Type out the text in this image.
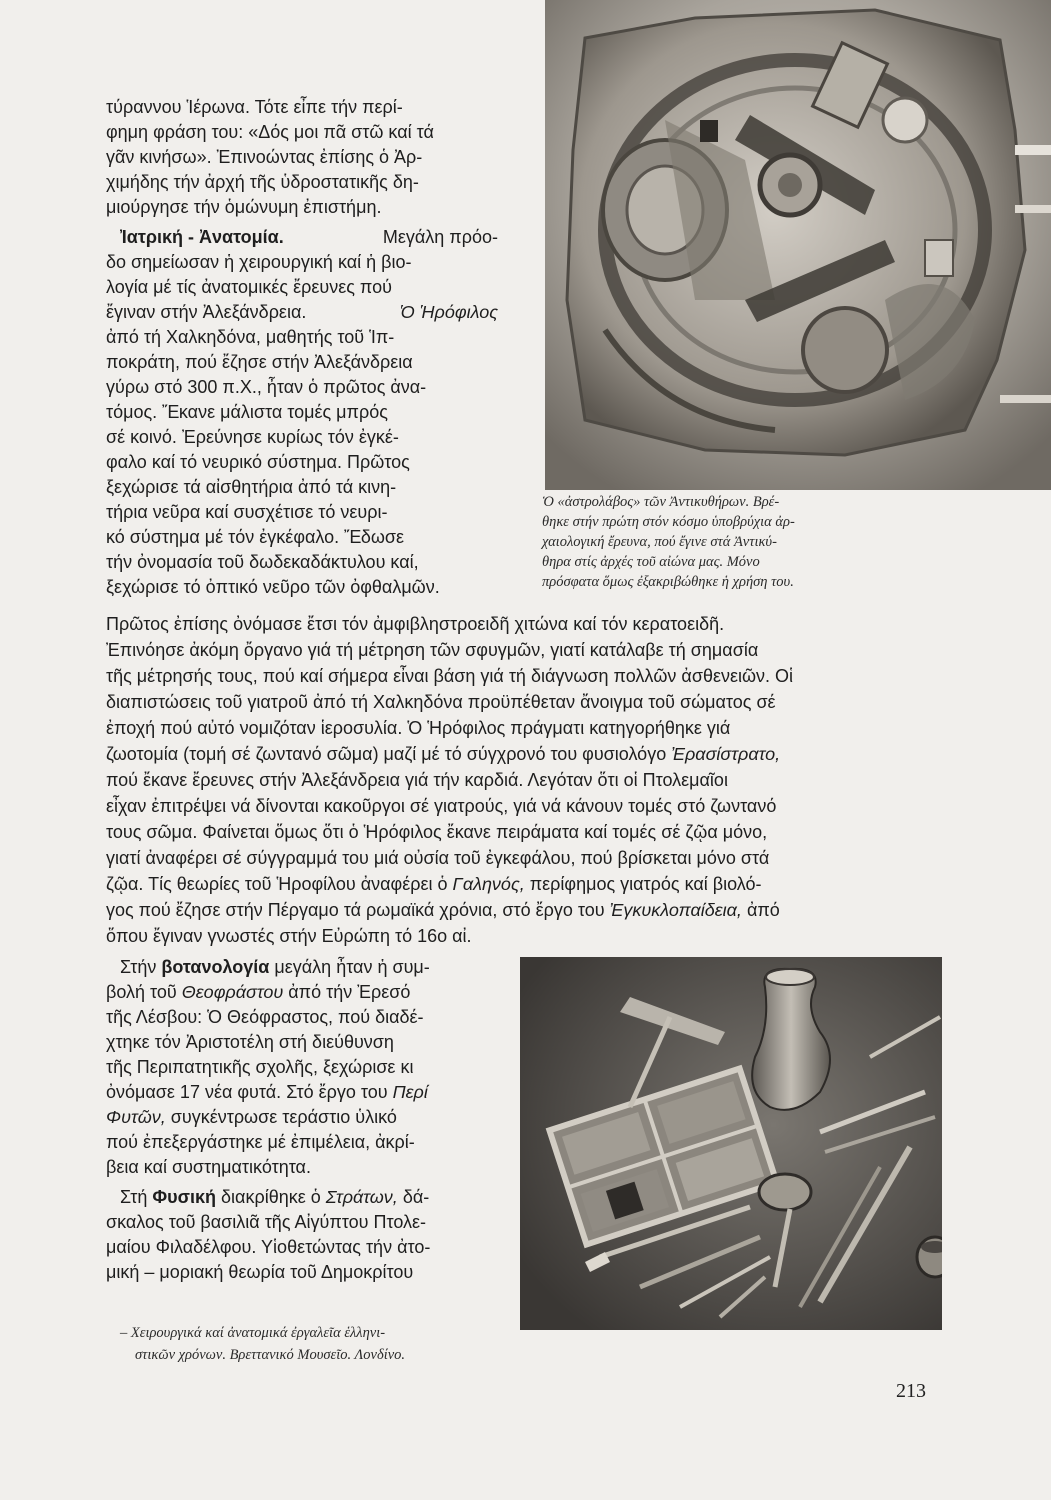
τύραννου Ἱέρωνα. Τότε εἶπε τήν περί-
φημη φράση του: «Δός μοι πᾶ στῶ καί τά
γᾶν κινήσω». Ἐπινοώντας ἐπίσης ὁ Ἀρ-
χιμήδης τήν ἀρχή τῆς ὑδροστατικῆς δη-
μιούργησε τήν ὁμώνυμη ἐπιστήμη.
Ἰατρική - Ἀνατομία.	Μεγάλη πρόο-
δο σημείωσαν ἡ χειρουργική καί ἡ βιο-
λογία μέ τίς ἀνατομικές ἔρευνες πού
ἔγιναν στήν Ἀλεξάνδρεια.	Ὁ Ἡρόφιλος
ἀπό τή Χαλκηδόνα, μαθητής τοῦ Ἱπ-
ποκράτη, πού ἔζησε στήν Ἀλεξάνδρεια
γύρω στό 300 π.Χ., ἦταν ὁ πρῶτος ἀνα-
τόμος. Ἔκανε μάλιστα τομές μπρός
σέ κοινό. Ἐρεύνησε κυρίως τόν ἐγκέ-
φαλο καί τό νευρικό σύστημα. Πρῶτος
ξεχώρισε τά αἰσθητήρια ἀπό τά κινη-
τήρια νεῦρα καί συσχέτισε τό νευρι-
κό σύστημα μέ τόν ἐγκέφαλο. Ἔδωσε
τήν ὀνομασία τοῦ δωδεκαδάκτυλου καί,
ξεχώρισε τό ὀπτικό νεῦρο τῶν ὀφθαλμῶν.
Ὁ «ἀστρολάβος» τῶν Ἀντικυθήρων. Βρέ-
θηκε στήν πρώτη στόν κόσμο ὑποβρύχια ἀρ-
χαιολογική ἔρευνα, πού ἔγινε στά Ἀντικύ-
θηρα στίς ἀρχές τοῦ αἰώνα μας. Μόνο
πρόσφατα ὅμως ἐξακριβώθηκε ἡ χρήση του.
Πρῶτος ἐπίσης ὀνόμασε ἔτσι τόν ἀμφιβληστροειδῆ χιτώνα καί τόν κερατοειδῆ.
Ἐπινόησε ἀκόμη ὄργανο γιά τή μέτρηση τῶν σφυγμῶν, γιατί κατάλαβε τή σημασία
τῆς μέτρησής τους, πού καί σήμερα εἶναι βάση γιά τή διάγνωση πολλῶν ἀσθενειῶν. Οἱ
διαπιστώσεις τοῦ γιατροῦ ἀπό τή Χαλκηδόνα προϋπέθεταν ἄνοιγμα τοῦ σώματος σέ
ἐποχή πού αὐτό νομιζόταν ἱεροσυλία. Ὁ Ἡρόφιλος πράγματι κατηγορήθηκε γιά
ζωοτομία (τομή σέ ζωντανό σῶμα) μαζί μέ τό σύγχρονό του φυσιολόγο Ἐρασίστρατο,
πού ἔκανε ἔρευνες στήν Ἀλεξάνδρεια γιά τήν καρδιά. Λεγόταν ὅτι οἱ Πτολεμαῖοι
εἶχαν ἐπιτρέψει νά δίνονται κακοῦργοι σέ γιατρούς, γιά νά κάνουν τομές στό ζωντανό
τους σῶμα. Φαίνεται ὅμως ὅτι ὁ Ἡρόφιλος ἔκανε πειράματα καί τομές σέ ζῷα μόνο,
γιατί ἀναφέρει σέ σύγγραμμά του μιά οὐσία τοῦ ἐγκεφάλου, πού βρίσκεται μόνο στά
ζῷα. Τίς θεωρίες τοῦ Ἡροφίλου ἀναφέρει ὁ Γαληνός, περίφημος γιατρός καί βιολό-
γος πού ἔζησε στήν Πέργαμο τά ρωμαϊκά χρόνια, στό ἔργο του Ἐγκυκλοπαίδεια, ἀπό
ὅπου ἔγιναν γνωστές στήν Εὐρώπη τό 16ο αἰ.
Στήν βοτανολογία μεγάλη ἦταν ἡ συμ-
βολή τοῦ Θεοφράστου ἀπό τήν Ἐρεσό
τῆς Λέσβου: Ὁ Θεόφραστος, πού διαδέ-
χτηκε τόν Ἀριστοτέλη στή διεύθυνση
τῆς Περιπατητικῆς σχολῆς, ξεχώρισε κι
ὀνόμασε 17 νέα φυτά. Στό ἔργο του Περί
Φυτῶν, συγκέντρωσε τεράστιο ὑλικό
πού ἐπεξεργάστηκε μέ ἐπιμέλεια, ἀκρί-
βεια καί συστηματικότητα.
Στή Φυσική διακρίθηκε ὁ Στράτων, δά-
σκαλος τοῦ βασιλιᾶ τῆς Αἰγύπτου Πτολε-
μαίου Φιλαδέλφου. Υἱοθετώντας τήν ἀτο-
μική – μοριακή θεωρία τοῦ Δημοκρίτου
– Χειρουργικά καί ἀνατομικά ἐργαλεῖα ἑλληνι-
στικῶν χρόνων. Βρεττανικό Μουσεῖο. Λονδίνο.
213
